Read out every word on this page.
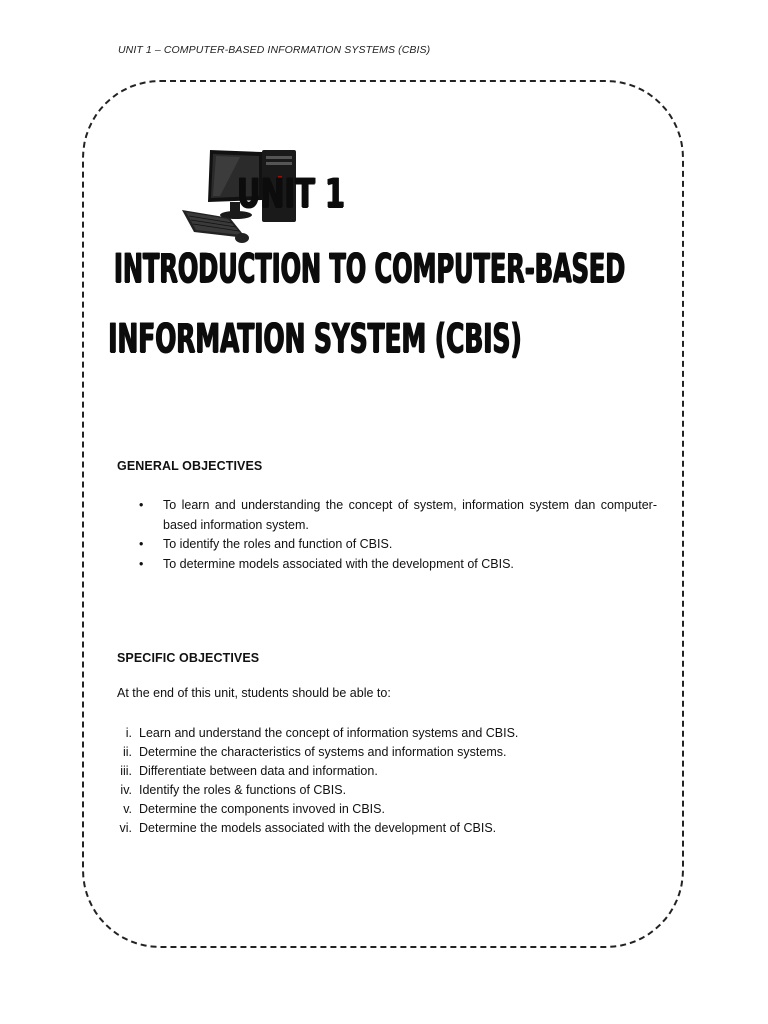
UNIT 1 – COMPUTER-BASED INFORMATION SYSTEMS (CBIS)
UNIT 1
INTRODUCTION TO COMPUTER-BASED
INFORMATION SYSTEM (CBIS)
GENERAL OBJECTIVES
• To learn and understanding the concept of system, information system dan computer-based information system.
• To identify the roles and function of CBIS.
• To determine models associated with the development of CBIS.
SPECIFIC OBJECTIVES
At the end of this unit, students should be able to:
i. Learn and understand the concept of information systems and CBIS.
ii. Determine the characteristics of systems and information systems.
iii. Differentiate between data and information.
iv. Identify the roles & functions of CBIS.
v. Determine the components invoved in CBIS.
vi. Determine the models associated with the development of CBIS.
